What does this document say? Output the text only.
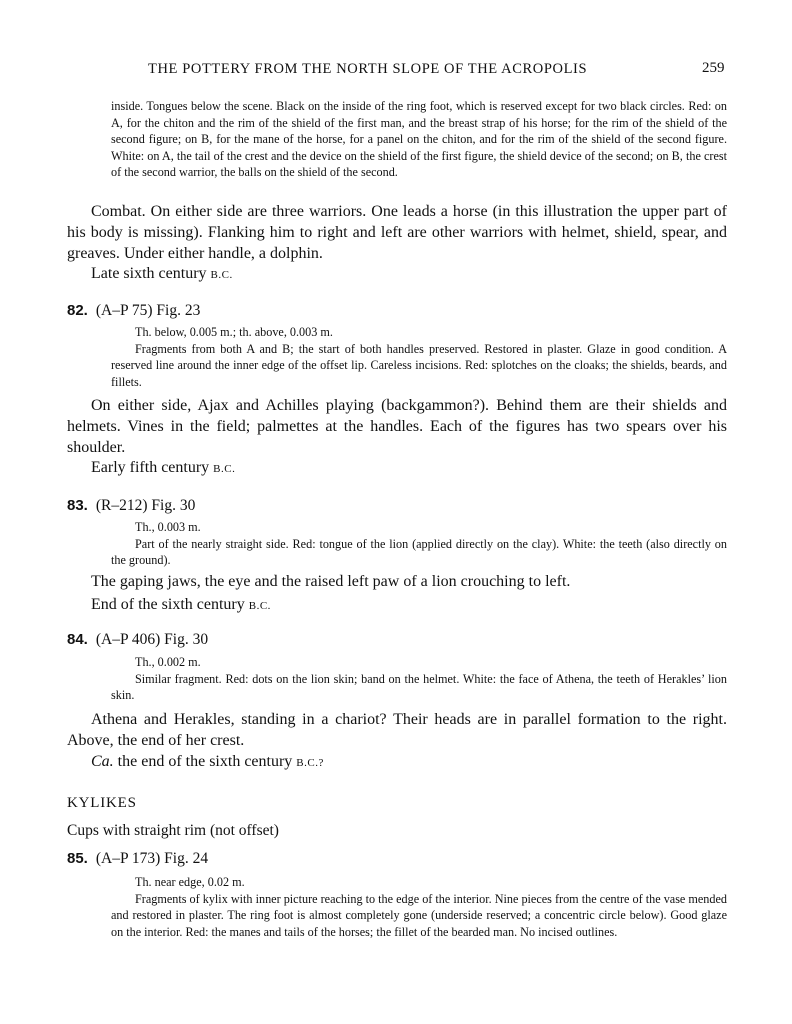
THE POTTERY FROM THE NORTH SLOPE OF THE ACROPOLIS	259

inside. Tongues below the scene. Black on the inside of the ring foot, which is reserved except for two black circles. Red: on A, for the chiton and the rim of the shield of the first man, and the breast strap of his horse; for the rim of the shield of the second figure; on B, for the mane of the horse, for a panel on the chiton, and for the rim of the shield of the second figure. White: on A, the tail of the crest and the device on the shield of the first figure, the shield device of the second; on B, the crest of the second warrior, the balls on the shield of the second.

Combat. On either side are three warriors. One leads a horse (in this illustration the upper part of his body is missing). Flanking him to right and left are other warriors with helmet, shield, spear, and greaves. Under either handle, a dolphin.

Late sixth century B.C.
82. (A–P 75) Fig. 23

Th. below, 0.005 m.; th. above, 0.003 m.

Fragments from both A and B; the start of both handles preserved. Restored in plaster. Glaze in good condition. A reserved line around the inner edge of the offset lip. Careless incisions. Red: splotches on the cloaks; the shields, beards, and fillets.

On either side, Ajax and Achilles playing (backgammon?). Behind them are their shields and helmets. Vines in the field; palmettes at the handles. Each of the figures has two spears over his shoulder.

Early fifth century B.C.
83. (R–212) Fig. 30

Th., 0.003 m.

Part of the nearly straight side. Red: tongue of the lion (applied directly on the clay). White: the teeth (also directly on the ground).

The gaping jaws, the eye and the raised left paw of a lion crouching to left.
End of the sixth century B.C.
84. (A–P 406) Fig. 30

Th., 0.002 m.

Similar fragment. Red: dots on the lion skin; band on the helmet. White: the face of Athena, the teeth of Herakles’ lion skin.

Athena and Herakles, standing in a chariot? Their heads are in parallel formation to the right. Above, the end of her crest.

Ca. the end of the sixth century B.C.?
KYLIKES
Cups with straight rim (not offset)
85. (A–P 173) Fig. 24

Th. near edge, 0.02 m.

Fragments of kylix with inner picture reaching to the edge of the interior. Nine pieces from the centre of the vase mended and restored in plaster. The ring foot is almost completely gone (underside reserved; a concentric circle below). Good glaze on the interior. Red: the manes and tails of the horses; the fillet of the bearded man. No incised outlines.
